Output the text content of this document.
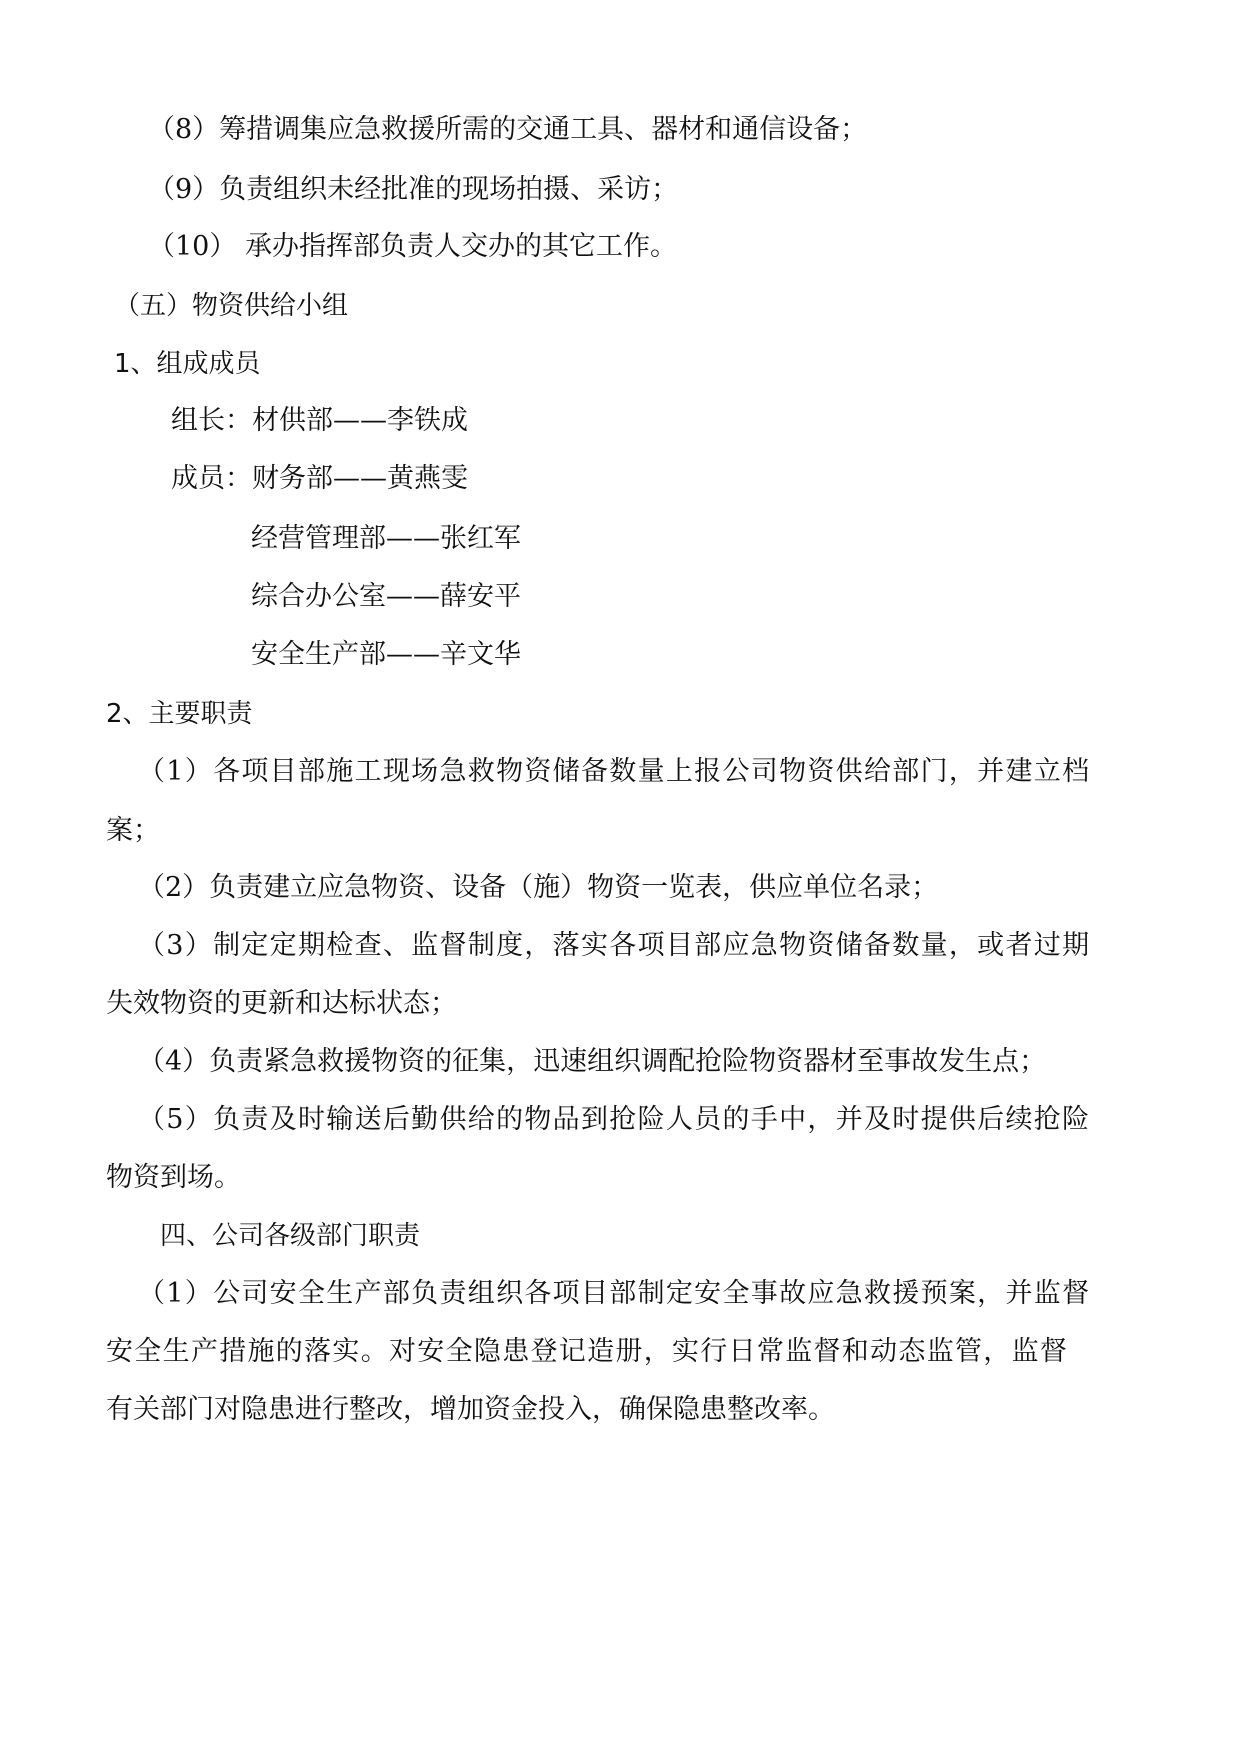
（8）筹措调集应急救援所需的交通工具、器材和通信设备；
（9）负责组织未经批准的现场拍摄、采访；
（10） 承办指挥部负责人交办的其它工作。
（五）物资供给小组
1、组成成员
组长：材供部——李铁成
成员：财务部——黄燕雯
经营管理部——张红军
综合办公室——薛安平
安全生产部——辛文华
2、主要职责
（1）各项目部施工现场急救物资储备数量上报公司物资供给部门，并建立档
案；
（2）负责建立应急物资、设备（施）物资一览表，供应单位名录；
（3）制定定期检查、监督制度，落实各项目部应急物资储备数量，或者过期
失效物资的更新和达标状态；
（4）负责紧急救援物资的征集，迅速组织调配抢险物资器材至事故发生点；
（5）负责及时输送后勤供给的物品到抢险人员的手中，并及时提供后续抢险
物资到场。
四、公司各级部门职责
（1）公司安全生产部负责组织各项目部制定安全事故应急救援预案，并监督
安全生产措施的落实。对安全隐患登记造册，实行日常监督和动态监管，监督
有关部门对隐患进行整改，增加资金投入，确保隐患整改率。
